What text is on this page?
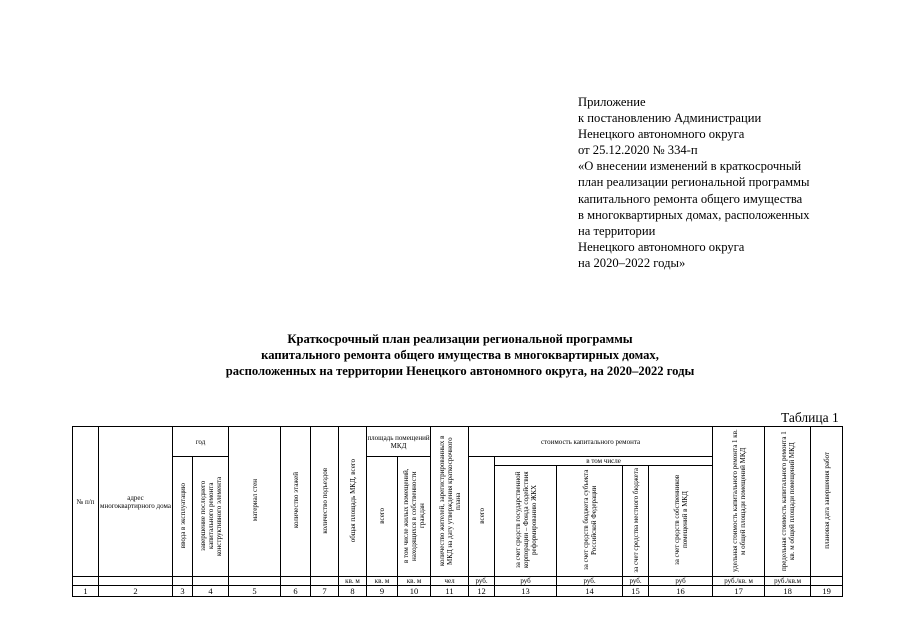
Приложение
к постановлению Администрации
Ненецкого автономного округа
от 25.12.2020 № 334-п
«О внесении изменений в краткосрочный
план реализации региональной программы
капитального ремонта общего имущества
в многоквартирных домах, расположенных
на территории
Ненецкого автономного округа
на 2020–2022 годы»
Краткосрочный план реализации региональной программы
капитального ремонта общего имущества в многоквартирных домах,
расположенных на территории Ненецкого автономного округа, на 2020–2022 годы
Таблица 1
№ п/п	адрес многоквартирного дома	год		материал стен	количество этажей	количество подъездов	общая площадь МКД, всего	площадь помещений МКД		количество жителей, зарегистрированных в МКД на дату утверждения краткосрочного плана	стоимость капитального ремонта					удельная стоимость капитального ремонта 1 кв. м общей площади помещений МКД	предельная стоимость капитального ремонта 1 кв. м общей площади помещений МКД	плановая дата завершения работ
		ввода в эксплуатацию	завершение последнего капитального ремонта конструктивного элемента					всего	в том числе жилых помещений, находящихся в собственности граждан		всего	в том числе						
												за счет средств государственной корпорации – Фонда содействия реформированию ЖКХ	за счет средств бюджета субъекта Российской Федерации	за счет средства местного бюджета	за счет средств собственников помещений в МКД			
							кв. м	кв. м	кв. м	чел	руб.	руб	руб.	руб.	руб	руб./кв. м	руб./кв.м	
1	2	3	4	5	6	7	8	9	10	11	12	13	14	15	16	17	18	19
